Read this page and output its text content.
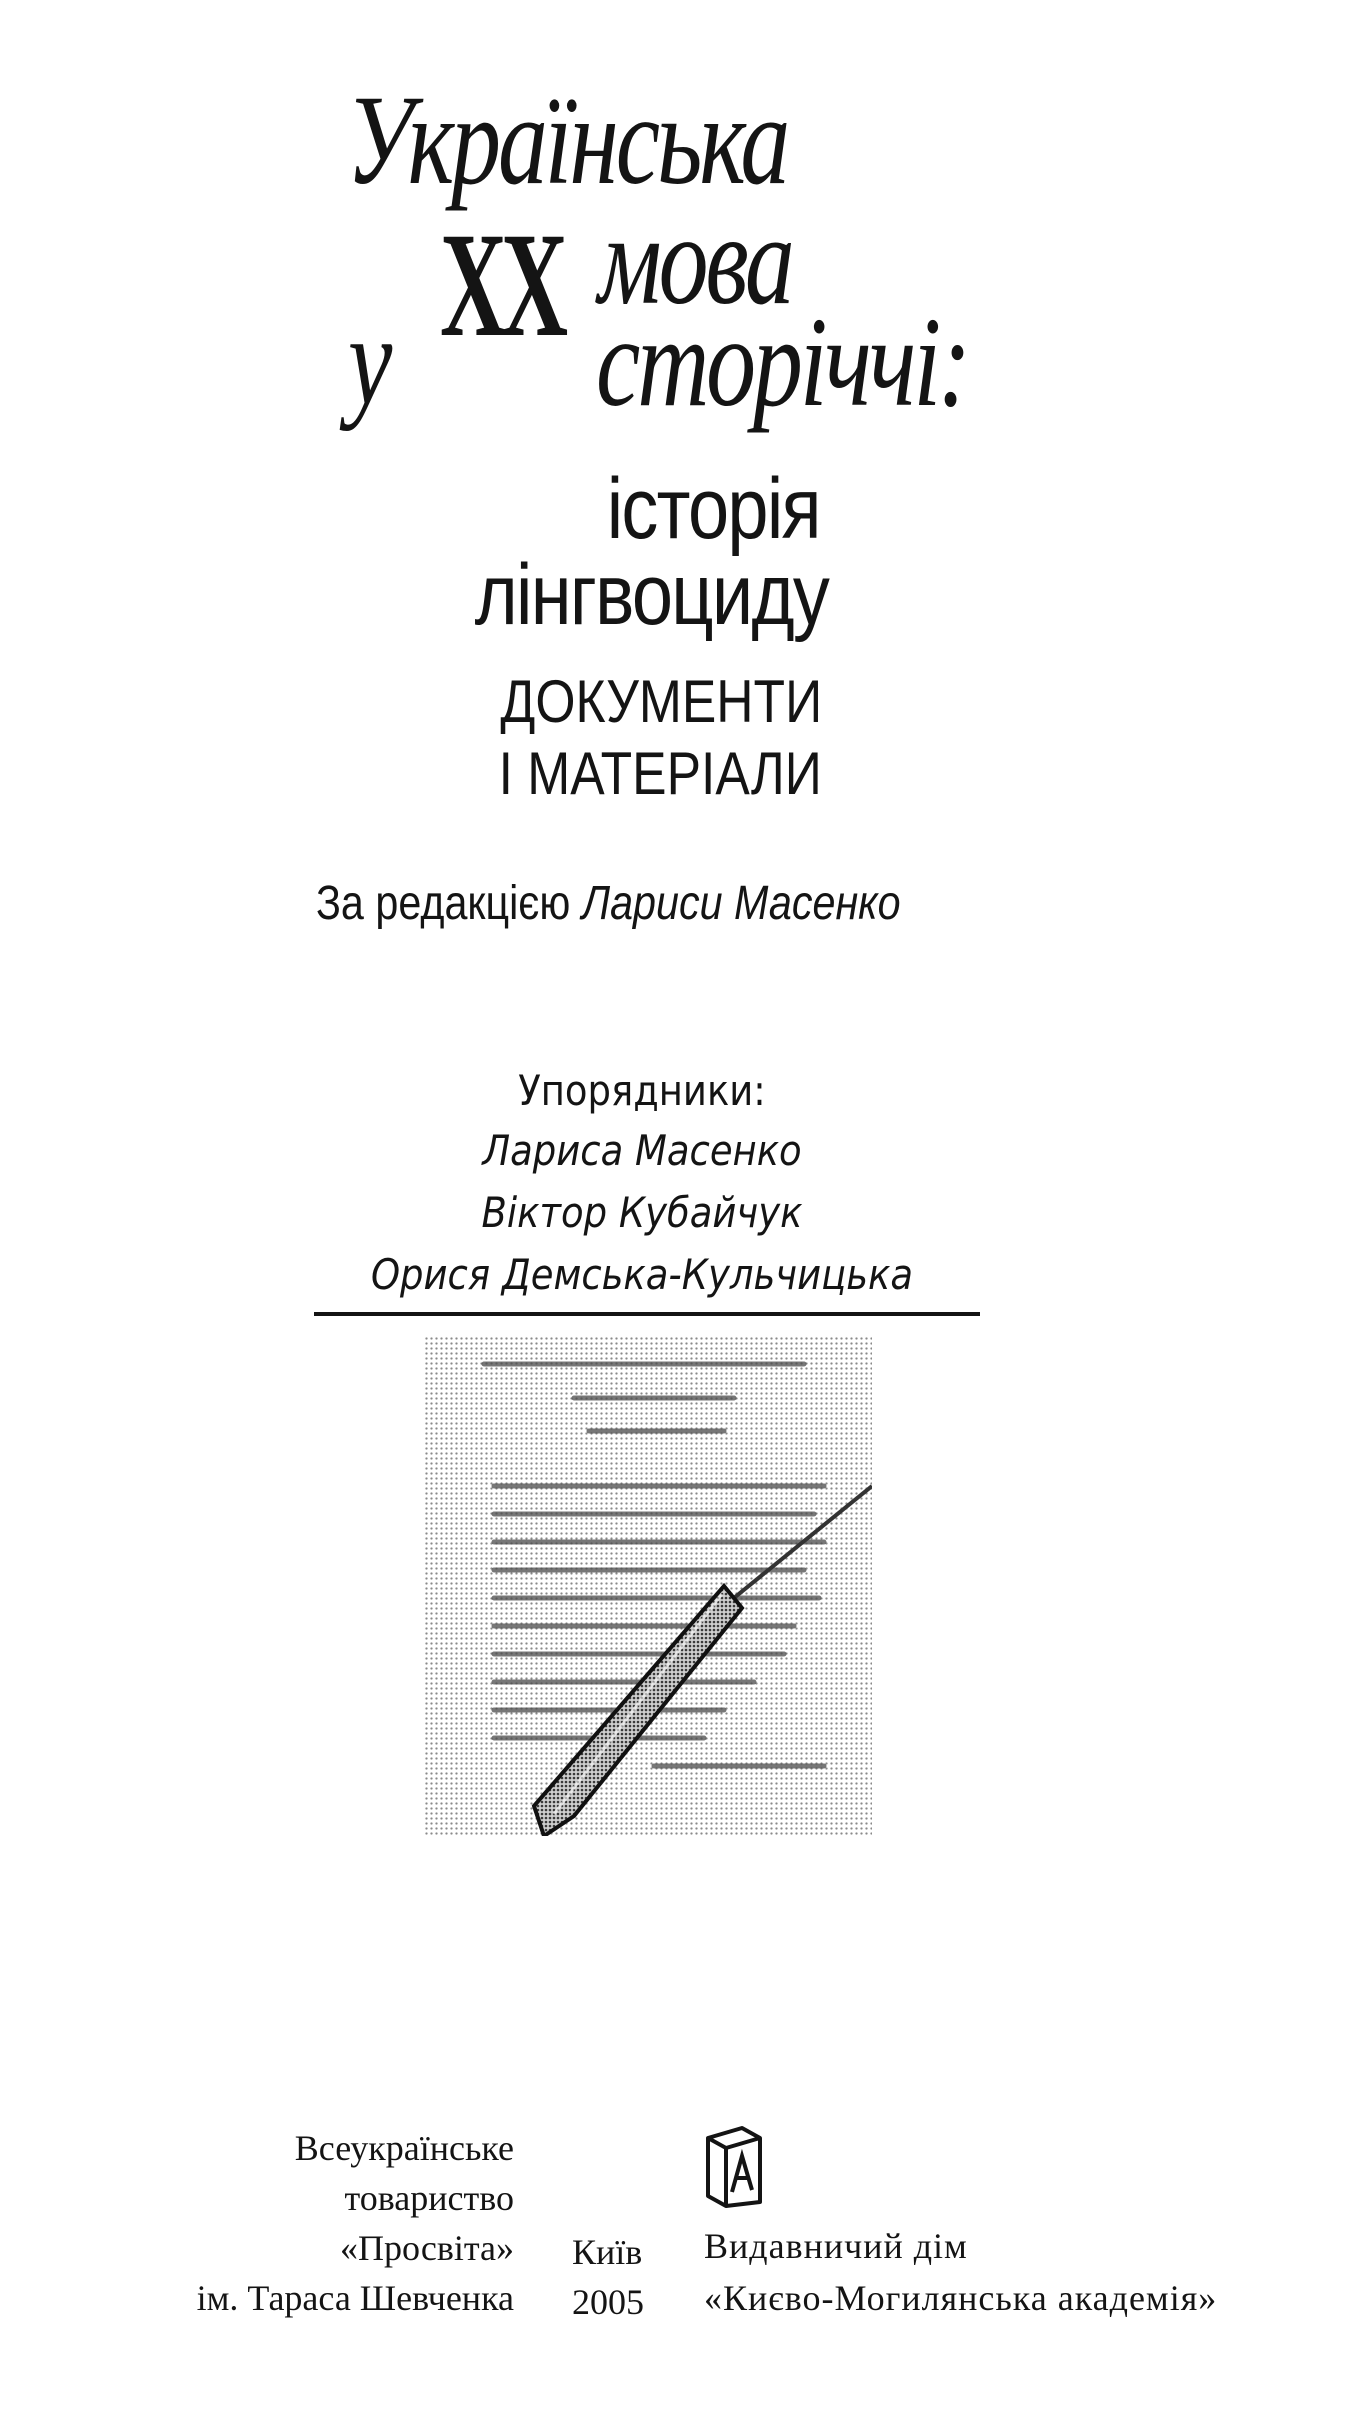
Українська
XX мова
у сторіччі:
історія
лінгвоциду
ДОКУМЕНТИ
І МАТЕРІАЛИ
За редакцією Лариси Масенко
Упорядники:
Лариса Масенко
Віктор Кубайчук
Орися Демська-Кульчицька
Всеукраїнське
товариство
«Просвіта»
ім. Тараса Шевченка
Київ
2005
Видавничий дім
«Києво-Могилянська академія»
